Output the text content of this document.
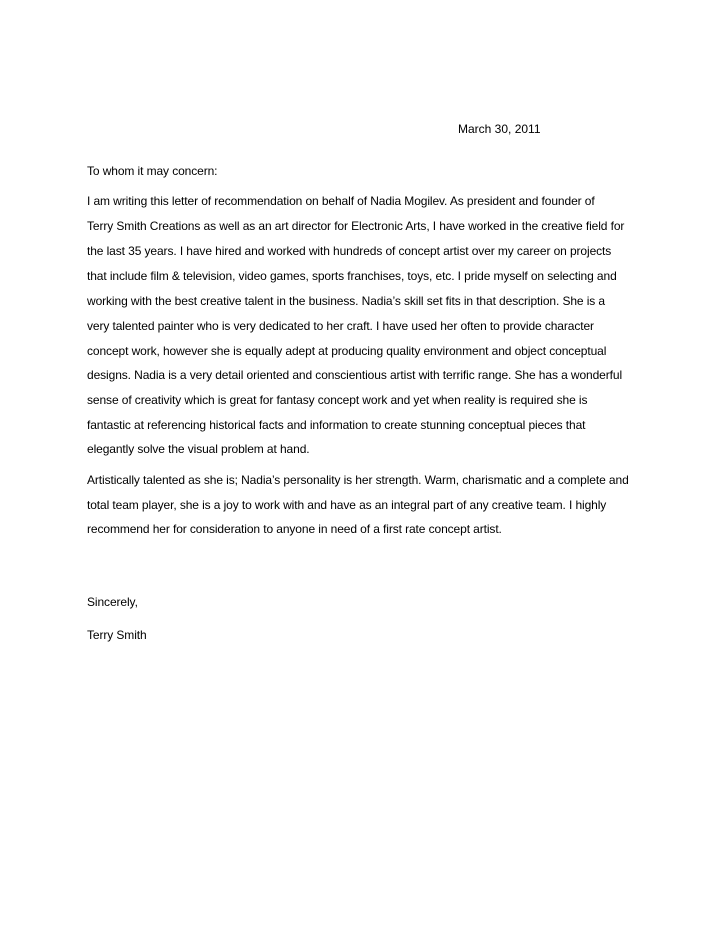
March 30, 2011
To whom it may concern:
I am writing this letter of recommendation on behalf of Nadia Mogilev. As president and founder of
Terry Smith Creations as well as an art director for Electronic Arts, I have worked in the creative field for
the last 35 years. I have hired and worked with hundreds of concept artist over my career on projects
that include film & television, video games, sports franchises, toys, etc. I pride myself on selecting and
working with the best creative talent in the business. Nadia’s skill set fits in that description. She is a
very talented painter who is very dedicated to her craft. I have used her often to provide character
concept work, however she is equally adept at producing quality environment and object conceptual
designs. Nadia is a very detail oriented and conscientious artist with terrific range. She has a wonderful
sense of creativity which is great for fantasy concept work and yet when reality is required she is
fantastic at referencing historical facts and information to create stunning conceptual pieces that
elegantly solve the visual problem at hand.
Artistically talented as she is; Nadia’s personality is her strength. Warm, charismatic and a complete and
total team player, she is a joy to work with and have as an integral part of any creative team. I highly
recommend her for consideration to anyone in need of a first rate concept artist.
Sincerely,
Terry Smith
